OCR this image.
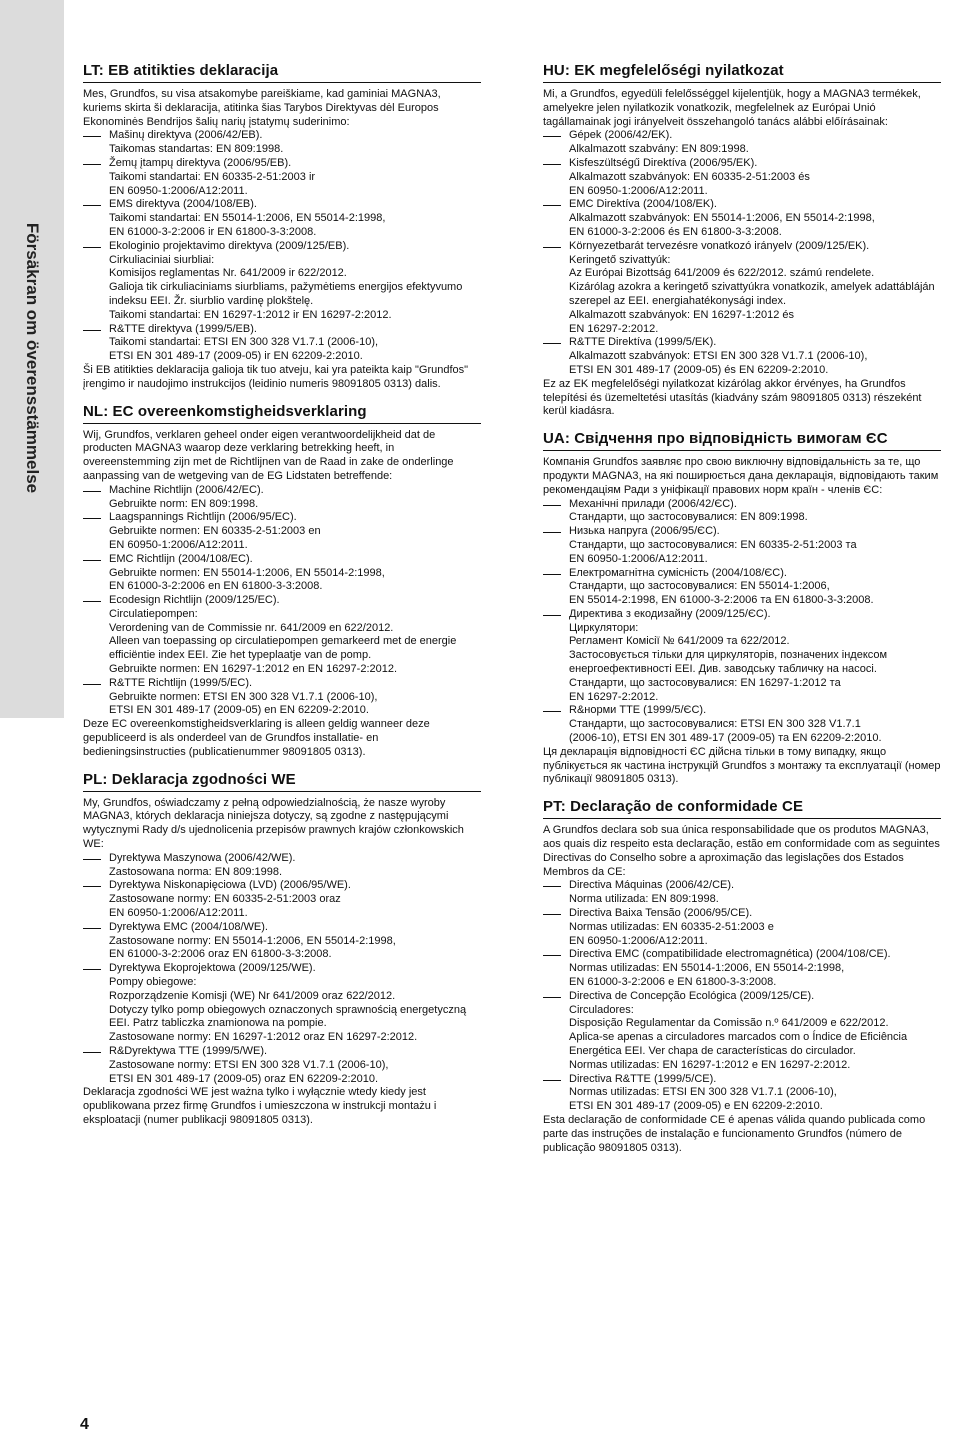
Försäkran om överensstämmelse
LT: EB atitikties deklaracija

Mes, Grundfos, su visa atsakomybe pareiškiame, kad gaminiai MAGNA3, kuriems skirta ši deklaracija, atitinka šias Tarybos Direktyvas dėl Europos Ekonominės Bendrijos šalių narių įstatymų suderinimo:

Mašinų direktyva (2006/42/EB).
Taikomas standartas: EN 809:1998.
Žemų įtampų direktyva (2006/95/EB).
Taikomi standartai: EN 60335-2-51:2003 ir
EN 60950-1:2006/A12:2011.
EMS direktyva (2004/108/EB).
Taikomi standartai: EN 55014-1:2006, EN 55014-2:1998,
EN 61000-3-2:2006 ir EN 61800-3-3:2008.
Ekologinio projektavimo direktyva (2009/125/EB).
Cirkuliaciniai siurbliai:
Komisijos reglamentas Nr. 641/2009 ir 622/2012.
Galioja tik cirkuliaciniams siurbliams, pažymėtiems energijos efektyvumo indeksu EEI. Žr. siurblio vardinę plokštelę.
Taikomi standartai: EN 16297-1:2012 ir EN 16297-2:2012.
R&TTE direktyva (1999/5/EB).
Taikomi standartai: ETSI EN 300 328 V1.7.1 (2006-10),
ETSI EN 301 489-17 (2009-05) ir EN 62209-2:2010.

Ši EB atitikties deklaracija galioja tik tuo atveju, kai yra pateikta kaip "Grundfos" įrengimo ir naudojimo instrukcijos (leidinio numeris 98091805 0313) dalis.

NL: EC overeenkomstigheidsverklaring

Wij, Grundfos, verklaren geheel onder eigen verantwoordelijkheid dat de producten MAGNA3 waarop deze verklaring betrekking heeft, in overeenstemming zijn met de Richtlijnen van de Raad in zake de onderlinge aanpassing van de wetgeving van de EG Lidstaten betreffende:

Machine Richtlijn (2006/42/EC).
Gebruikte norm: EN 809:1998.
Laagspannings Richtlijn (2006/95/EC).
Gebruikte normen: EN 60335-2-51:2003 en
EN 60950-1:2006/A12:2011.
EMC Richtlijn (2004/108/EC).
Gebruikte normen: EN 55014-1:2006, EN 55014-2:1998,
EN 61000-3-2:2006 en EN 61800-3-3:2008.
Ecodesign Richtlijn (2009/125/EC).
Circulatiepompen:
Verordening van de Commissie nr. 641/2009 en 622/2012.
Alleen van toepassing op circulatiepompen gemarkeerd met de energie efficiëntie index EEI. Zie het typeplaatje van de pomp.
Gebruikte normen: EN 16297-1:2012 en EN 16297-2:2012.
R&TTE Richtlijn (1999/5/EC).
Gebruikte normen: ETSI EN 300 328 V1.7.1 (2006-10),
ETSI EN 301 489-17 (2009-05) en EN 62209-2:2010.

Deze EC overeenkomstigheidsverklaring is alleen geldig wanneer deze gepubliceerd is als onderdeel van de Grundfos installatie- en bedieningsinstructies (publicatienummer 98091805 0313).

PL: Deklaracja zgodności WE

My, Grundfos, oświadczamy z pełną odpowiedzialnością, że nasze wyroby MAGNA3, których deklaracja niniejsza dotyczy, są zgodne z następującymi wytycznymi Rady d/s ujednolicenia przepisów prawnych krajów członkowskich WE:

Dyrektywa Maszynowa (2006/42/WE).
Zastosowana norma: EN 809:1998.
Dyrektywa Niskonapięciowa (LVD) (2006/95/WE).
Zastosowane normy: EN 60335-2-51:2003 oraz
EN 60950-1:2006/A12:2011.
Dyrektywa EMC (2004/108/WE).
Zastosowane normy: EN 55014-1:2006, EN 55014-2:1998,
EN 61000-3-2:2006 oraz EN 61800-3-3:2008.
Dyrektywa Ekoprojektowa (2009/125/WE).
Pompy obiegowe:
Rozporządzenie Komisji (WE) Nr 641/2009 oraz 622/2012.
Dotyczy tylko pomp obiegowych oznaczonych sprawnością energetyczną EEI. Patrz tabliczka znamionowa na pompie.
Zastosowane normy: EN 16297-1:2012 oraz EN 16297-2:2012.
R&Dyrektywa TTE (1999/5/WE).
Zastosowane normy: ETSI EN 300 328 V1.7.1 (2006-10),
ETSI EN 301 489-17 (2009-05) oraz EN 62209-2:2010.

Deklaracja zgodności WE jest ważna tylko i wyłącznie wtedy kiedy jest opublikowana przez firmę Grundfos i umieszczona w instrukcji montażu i eksploatacji (numer publikacji 98091805 0313).

HU: EK megfelelőségi nyilatkozat

Mi, a Grundfos, egyedüli felelősséggel kijelentjük, hogy a MAGNA3 termékek, amelyekre jelen nyilatkozik vonatkozik, megfelelnek az Európai Unió tagállamainak jogi irányelveit összehangoló tanács alábbi előírásainak:

Gépek (2006/42/EK).
Alkalmazott szabvány: EN 809:1998.
Kisfeszültségű Direktíva (2006/95/EK).
Alkalmazott szabványok: EN 60335-2-51:2003 és
EN 60950-1:2006/A12:2011.
EMC Direktíva (2004/108/EK).
Alkalmazott szabványok: EN 55014-1:2006, EN 55014-2:1998,
EN 61000-3-2:2006 és EN 61800-3-3:2008.
Környezetbarát tervezésre vonatkozó irányelv (2009/125/EK).
Keringető szivattyúk:
Az Európai Bizottság 641/2009 és 622/2012. számú rendelete.
Kizárólag azokra a keringető szivattyúkra vonatkozik, amelyek adattábláján szerepel az EEI. energiahatékonysági index.
Alkalmazott szabványok: EN 16297-1:2012 és
EN 16297-2:2012.
R&TTE Direktíva (1999/5/EK).
Alkalmazott szabványok: ETSI EN 300 328 V1.7.1 (2006-10),
ETSI EN 301 489-17 (2009-05) és EN 62209-2:2010.

Ez az EK megfelelőségi nyilatkozat kizárólag akkor érvényes, ha Grundfos telepítési és üzemeltetési utasítás (kiadvány szám 98091805 0313) részeként kerül kiadásra.

UA: Свідчення про відповідність вимогам ЄС

Компанія Grundfos заявляє про свою виключну відповідальність за те, що продукти MAGNA3, на які поширюється дана декларація, відповідають таким рекомендаціям Ради з уніфікації правових норм країн - членів ЄС:

Механічні прилади (2006/42/ЄС).
Стандарти, що застосовувалися: EN 809:1998.
Низька напруга (2006/95/ЄС).
Стандарти, що застосовувалися: EN 60335-2-51:2003 та
EN 60950-1:2006/A12:2011.
Електромагнітна сумісність (2004/108/ЄС).
Стандарти, що застосовувалися: EN 55014-1:2006,
EN 55014-2:1998, EN 61000-3-2:2006 та EN 61800-3-3:2008.
Директива з екодизайну (2009/125/ЄС).
Циркулятори:
Регламент Комісії № 641/2009 та 622/2012.
Застосовується тільки для циркуляторів, позначених індексом енергоефективності EEI. Див. заводську табличку на насосі.
Стандарти, що застосовувалися: EN 16297-1:2012 та
EN 16297-2:2012.
R&норми TTE (1999/5/ЄС).
Стандарти, що застосовувалися: ETSI EN 300 328 V1.7.1
(2006-10), ETSI EN 301 489-17 (2009-05) та EN 62209-2:2010.

Ця декларація відповідності ЄС дійсна тільки в тому випадку, якщо публікується як частина інструкцій Grundfos з монтажу та експлуатації (номер публікації 98091805 0313).

PT: Declaração de conformidade CE

A Grundfos declara sob sua única responsabilidade que os produtos MAGNA3, aos quais diz respeito esta declaração, estão em conformidade com as seguintes Directivas do Conselho sobre a aproximação das legislações dos Estados Membros da CE:

Directiva Máquinas (2006/42/CE).
Norma utilizada: EN 809:1998.
Directiva Baixa Tensão (2006/95/CE).
Normas utilizadas: EN 60335-2-51:2003 e
EN 60950-1:2006/A12:2011.
Directiva EMC (compatibilidade electromagnética) (2004/108/CE).
Normas utilizadas: EN 55014-1:2006, EN 55014-2:1998,
EN 61000-3-2:2006 e EN 61800-3-3:2008.
Directiva de Concepção Ecológica (2009/125/CE).
Circuladores:
Disposição Regulamentar da Comissão n.º 641/2009 e 622/2012.
Aplica-se apenas a circuladores marcados com o Índice de Eficiência Energética EEI. Ver chapa de características do circulador.
Normas utilizadas: EN 16297-1:2012 e EN 16297-2:2012.
Directiva R&TTE (1999/5/CE).
Normas utilizadas: ETSI EN 300 328 V1.7.1 (2006-10),
ETSI EN 301 489-17 (2009-05) e EN 62209-2:2010.

Esta declaração de conformidade CE é apenas válida quando publicada como parte das instruções de instalação e funcionamento Grundfos (número de publicação 98091805 0313).

4
